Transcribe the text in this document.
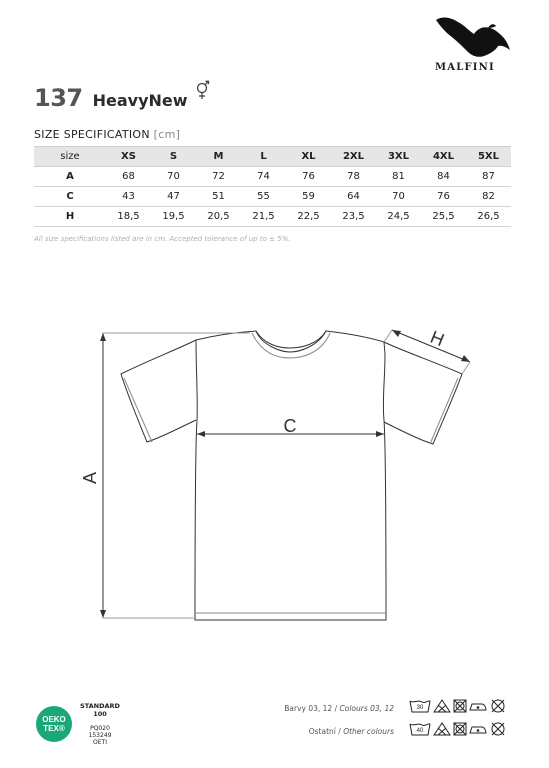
MALFINI
137 HeavyNew
SIZE SPECIFICATION [cm]
size	XS	S	M	L	XL	2XL	3XL	4XL	5XL
A	68	70	72	74	76	78	81	84	87
C	43	47	51	55	59	64	70	76	82
H	18,5	19,5	20,5	21,5	22,5	23,5	24,5	25,5	26,5
All size specifications listed are in cm. Accepted tolerance of up to ± 5%.
A
C
H
OEKO
TEX®
STANDARD
100
PQ020 153249
OETI
Barvy 03, 12 / Colours 03, 12
Ostatní / Other colours
30
40
